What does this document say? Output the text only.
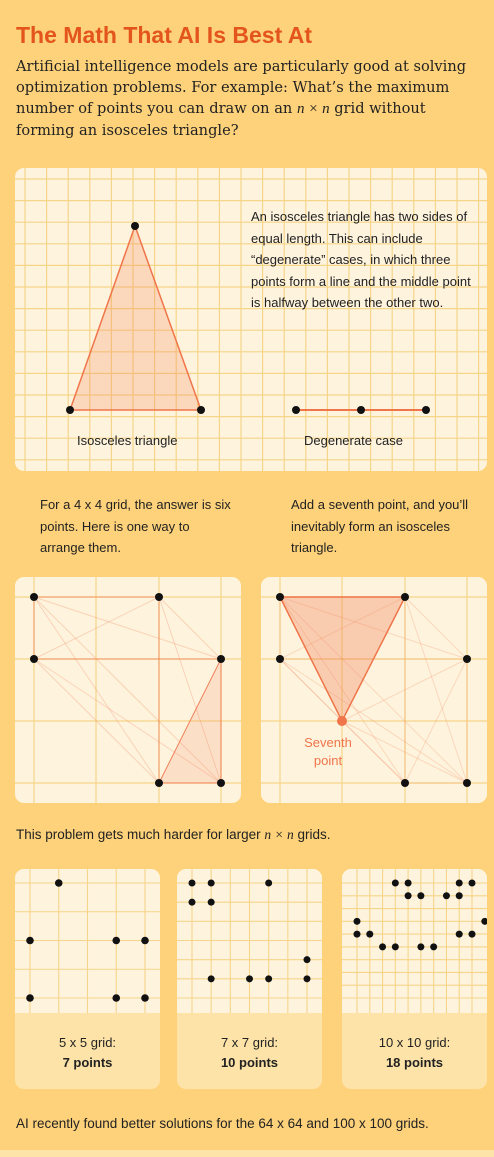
The Math That AI Is Best At
Artificial intelligence models are particularly good at solving optimization problems. For example: What’s the maximum number of points you can draw on an n × n grid without forming an isosceles triangle?
An isosceles triangle has two sides of equal length. This can include “degenerate” cases, in which three points form a line and the middle point is halfway between the other two.
Isosceles triangle	Degenerate case
For a 4 x 4 grid, the answer is six points. Here is one way to arrange them.
Add a seventh point, and you’ll inevitably form an isosceles triangle.
Seventh point
This problem gets much harder for larger n × n grids.
5 x 5 grid:
7 points
7 x 7 grid:
10 points
10 x 10 grid:
18 points
AI recently found better solutions for the 64 x 64 and 100 x 100 grids.
